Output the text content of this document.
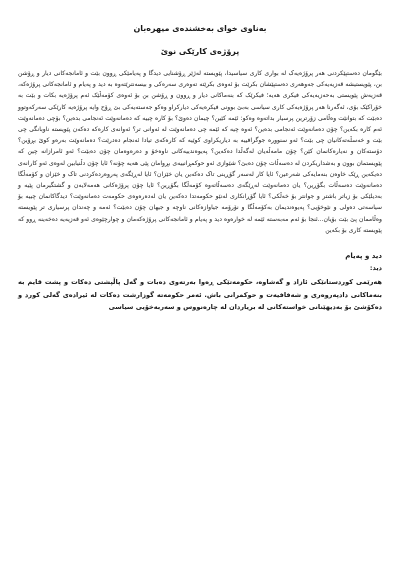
بەناوی خوای بەخشندەی میهرەبان
پرۆژەی کارێکی نوێ

بێگومان دەستپێکردنی هەر پرۆژەیەک لە بواری کاری سیاسیدا، پێویستە لەژێر ڕۆشنایی دیدگا و پەیامێکی ڕوون بێت و ئامانجەکانی دیار و ڕۆشن بن، پێویستیشە قەزیەیەکی جەوهەری دەستپێشان بکرێت بۆ ئەوەی بکرێتە تەوەری سەرەکی و بیسەنترێتەوە بە دید و پەیام و ئامانجەکانی پرۆژەکە، قەزیەش پێویستی بەحەزیەیەکی فیکری هەیە؛ فیکرێک کە بنەماکانی دیار و ڕوون و ڕۆشن بن بۆ ئەوەی کۆمەڵێک ئەم پرۆژەیە بکات و بێت بە خۆراکێک بۆی، ئەگەرنا هەر پرۆژەیەکی کاری سیاسی بەبێ بوونی فیکرەیەکی دیارکراو وەکو جەستەیەکی بێ ڕۆح وایە پرۆژەیە کارێکی سەرکەوتوو دەبێت کە بتوانێت وەڵامی زۆرترین پرسیار بداتەوە وەکو: ئێمە کێین؟ چیمان دەوێ؟ بۆ کارە چییە کە دەمانەوێت ئەنجامی بدەین؟ بۆچی دەمانەوێت ئەم کارە بکەین؟ چۆن دەمانەوێت ئەنجامی بدەین؟ ئەوە چیە کە ئێمە چی دەمانەوێت لە ئەوانی تر؟ ئەوانەی کارەکە دەکەن پێویستە ناوبانگی چی بێت و خەسڵەتەکانیان چی بێت؟ ئەو سنوورە جوگرافییە بە دیاریکراوی کوێیە کە کارەکەی تیادا ئەنجام دەدرێت؟ دەمانەوێت بەرەو کوێ بڕۆین؟ دۆستەکان و نەیارەکانمان کێن؟ چۆن مامەڵەیان لەگەڵدا دەکەین؟ پەیوەندییەکانی ناوەخۆ و دەرەوەمان چۆن دەبێت؟ ئەو ئامرازانە چین کە پێویستمان بوون و بەشداریکردن لە دەسەڵات چۆن دەبێ؟ شێوازی ئەو حوکمڕانییەی بڕوامان پێی هەیە چۆنە؟ ئایا چۆن دڵنیابین لەوەی ئەو کارانەی دەیکەین ڕێک خاوەن بنەمایەکی شەرعین؟ ئایا کار لەسەر گۆڕینی تاک دەکەین یان خێزان؟ ئایا لەڕێگەی پەروەردەکردنی تاک و خێزان و کۆمەڵگا دەمانەوێت دەسەڵات بگۆڕین؟ یان دەمانەوێت لەڕێگەی دەسەڵاتەوە کۆمەڵگا بگۆڕین؟ ئایا چۆن پرۆژەکانی هەمەلایەن و گشتگیرمان پێیە و بەدیلێکی بۆ زیاتر باشتر و جوانتر بۆ خەڵکی؟ ئایا گۆڕانکاری لەنێو حکومەتدا دەکەین یان لەدەرەوەی حکومەت دەمانەوێت؟ دیدگاکانمان چییە بۆ سیاسەتی دەولی و نێوخۆیی؟ پەیوەندیمان بەکۆمەڵگا و نۆرۆمە جیاوازەکانی ناوچە و جیهان چۆن دەبێت؟ ئەمە و چەندان پرسیاری تر پێویستە وەڵاممان پێ بێت بۆیان...ئنجا بۆ ئەم مەبەستە ئێمە لە خوارەوە دید و پەیام و ئامانجەکانی پرۆژەکەمان و چوارچێوەی ئەو قەزیەیە دەخەینە ڕوو کە پێویستە کاری بۆ بکەین

دید و پەیام
دید:

هەرێمی کوردستانێکی ئازاد و گەشاوە، حکومەتێکی ڕەوا بەرتەوی دەبات و گەل پاڵپشتی دەکات و پشت قایم بە بنەماکانی دادپەروەری و شەفافیەت و حوکمرانی باش. ئەمر حکومەتە گوزارشت دەکات لە ئیرادەی گەلی کورد و دەکۆشێ بۆ بەدیهێنانی خواستەکانی لە بریاردان لە چارەنووس و سەربەخۆیی سیاسی
